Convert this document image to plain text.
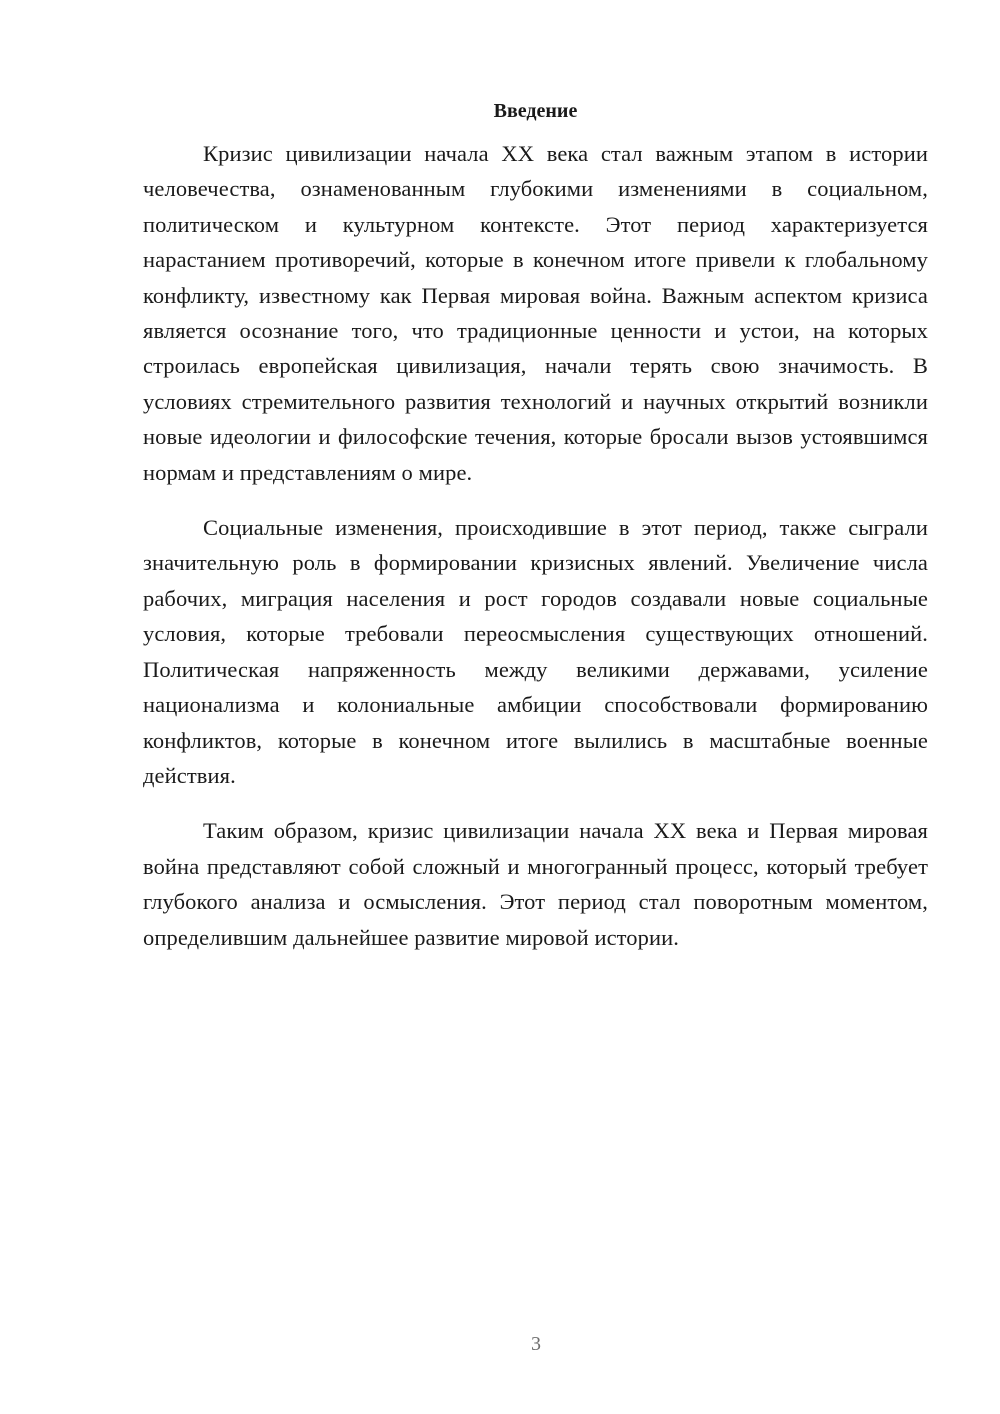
Введение

Кризис цивилизации начала XX века стал важным этапом в истории человечества, ознаменованным глубокими изменениями в социальном, политическом и культурном контексте. Этот период характеризуется нарастанием противоречий, которые в конечном итоге привели к глобальному конфликту, известному как Первая мировая война. Важным аспектом кризиса является осознание того, что традиционные ценности и устои, на которых строилась европейская цивилизация, начали терять свою значимость. В условиях стремительного развития технологий и научных открытий возникли новые идеологии и философские течения, которые бросали вызов устоявшимся нормам и представлениям о мире.

Социальные изменения, происходившие в этот период, также сыграли значительную роль в формировании кризисных явлений. Увеличение числа рабочих, миграция населения и рост городов создавали новые социальные условия, которые требовали переосмысления существующих отношений. Политическая напряженность между великими державами, усиление национализма и колониальные амбиции способствовали формированию конфликтов, которые в конечном итоге вылились в масштабные военные действия.

Таким образом, кризис цивилизации начала XX века и Первая мировая война представляют собой сложный и многогранный процесс, который требует глубокого анализа и осмысления. Этот период стал поворотным моментом, определившим дальнейшее развитие мировой истории.

3
